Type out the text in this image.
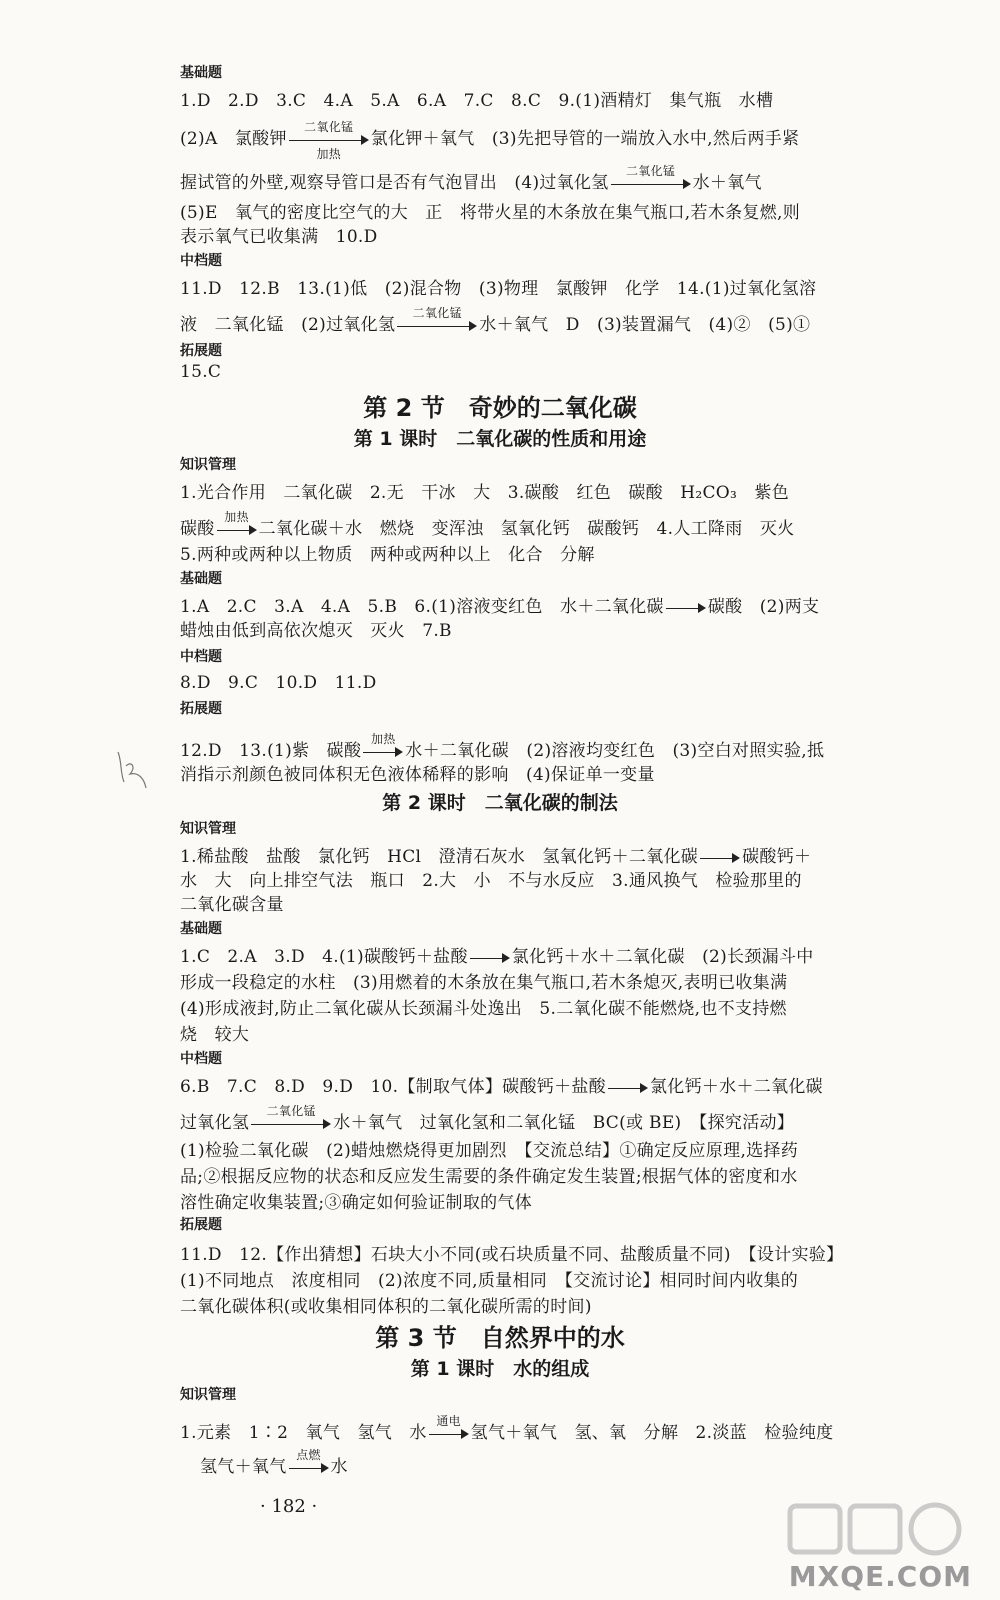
基础题
1.D　2.D　3.C　4.A　5.A　6.A　7.C　8.C　9.(1)酒精灯　集气瓶　水槽
(2)A　氯酸钾
二氧化锰
加热
氯化钾＋氧气　(3)先把导管的一端放入水中,然后两手紧
握试管的外壁,观察导管口是否有气泡冒出　(4)过氧化氢
二氧化锰
水＋氧气
(5)E　氧气的密度比空气的大　正　将带火星的木条放在集气瓶口,若木条复燃,则
表示氧气已收集满　10.D
中档题
11.D　12.B　13.(1)低　(2)混合物　(3)物理　氯酸钾　化学　14.(1)过氧化氢溶
液　二氧化锰　(2)过氧化氢
二氧化锰
水＋氧气　D　(3)装置漏气　(4)②　(5)①
拓展题
15.C
第 2 节　奇妙的二氧化碳
第 1 课时　二氧化碳的性质和用途
知识管理
1.光合作用　二氧化碳　2.无　干冰　大　3.碳酸　红色　碳酸　H₂CO₃　紫色
碳酸
加热
二氧化碳＋水　燃烧　变浑浊　氢氧化钙　碳酸钙　4.人工降雨　灭火
5.两种或两种以上物质　两种或两种以上　化合　分解
基础题
1.A　2.C　3.A　4.A　5.B　6.(1)溶液变红色　水＋二氧化碳	碳酸　(2)两支
蜡烛由低到高依次熄灭　灭火　7.B
中档题
8.D　9.C　10.D　11.D
拓展题
12.D　13.(1)紫　碳酸
加热
水＋二氧化碳　(2)溶液均变红色　(3)空白对照实验,抵
消指示剂颜色被同体积无色液体稀释的影响　(4)保证单一变量
第 2 课时　二氧化碳的制法
知识管理
1.稀盐酸　盐酸　氯化钙　HCl　澄清石灰水　氢氧化钙＋二氧化碳	碳酸钙＋
水　大　向上排空气法　瓶口　2.大　小　不与水反应　3.通风换气　检验那里的
二氧化碳含量
基础题
1.C　2.A　3.D　4.(1)碳酸钙＋盐酸	氯化钙＋水＋二氧化碳　(2)长颈漏斗中
形成一段稳定的水柱　(3)用燃着的木条放在集气瓶口,若木条熄灭,表明已收集满
(4)形成液封,防止二氧化碳从长颈漏斗处逸出　5.二氧化碳不能燃烧,也不支持燃
烧　较大
中档题
6.B　7.C　8.D　9.D　10.【制取气体】碳酸钙＋盐酸	氯化钙＋水＋二氧化碳
过氧化氢
二氧化锰
水＋氧气　过氧化氢和二氧化锰　BC(或 BE)　【探究活动】
(1)检验二氧化碳　(2)蜡烛燃烧得更加剧烈　【交流总结】①确定反应原理,选择药
品;②根据反应物的状态和反应发生需要的条件确定发生装置;根据气体的密度和水
溶性确定收集装置;③确定如何验证制取的气体
拓展题
11.D　12.【作出猜想】石块大小不同(或石块质量不同、盐酸质量不同)　【设计实验】
(1)不同地点　浓度相同　(2)浓度不同,质量相同　【交流讨论】相同时间内收集的
二氧化碳体积(或收集相同体积的二氧化碳所需的时间)
第 3 节　自然界中的水
第 1 课时　水的组成
知识管理
1.元素　1∶2　氧气　氢气　水
通电
氢气＋氧气　氢、氧　分解　2.淡蓝　检验纯度
氢气＋氧气
点燃
水
· 182 ·
MXQE.COM
